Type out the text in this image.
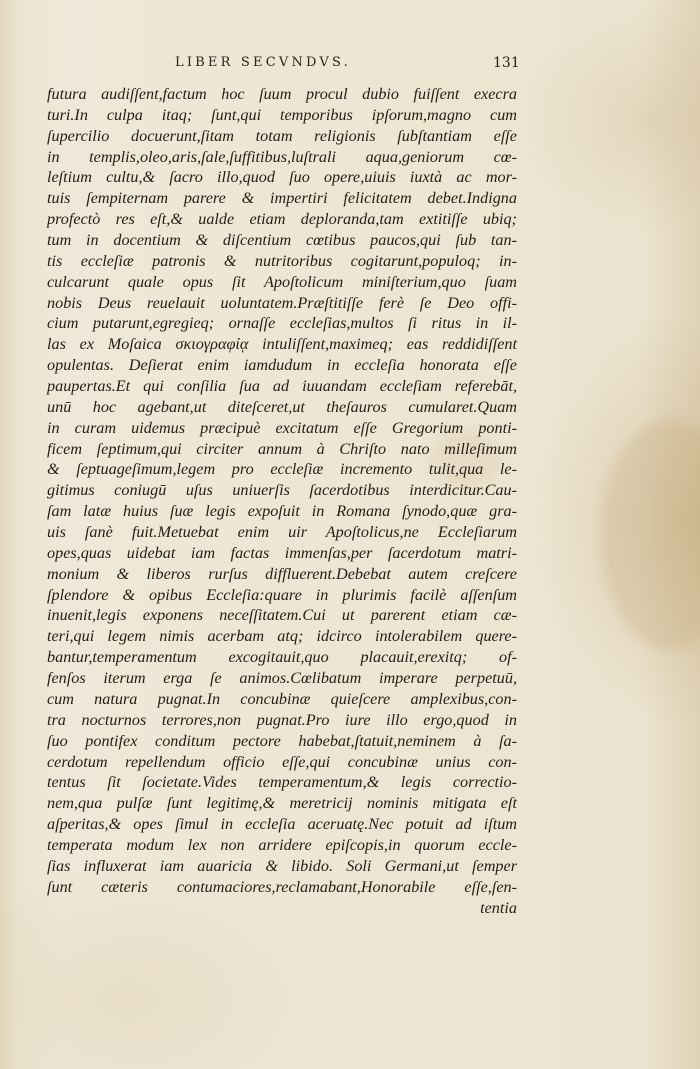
LIBER SECVNDVS.	131
futura audiſſent,factum hoc ſuum procul dubio fuiſſent execra
turi.In culpa itaq; ſunt,qui temporibus ipſorum,magno cum
ſupercilio docuerunt,ſitam totam religionis ſubſtantiam eſſe
in templis,oleo,aris,ſale,ſuffitibus,luſtrali aqua,geniorum cœ-
leſtium cultu,& ſacro illo,quod ſuo opere,uiuis iuxtà ac mor-
tuis ſempiternam parere & impertiri felicitatem debet.Indigna
profectò res eſt,& ualde etiam deploranda,tam extitiſſe ubiq;
tum in docentium & diſcentium cœtibus paucos,qui ſub tan-
tis eccleſiæ patronis & nutritoribus cogitarunt,populoq; in-
culcarunt quale opus ſit Apoſtolicum miniſterium,quo ſuam
nobis Deus reuelauit uoluntatem.Præſtitiſſe ferè ſe Deo offi-
cium putarunt,egregieq; ornaſſe eccleſias,multos ſi ritus in il-
las ex Moſaica σκιογραφίᾳ intuliſſent,maximeq; eas reddidiſſent
opulentas. Deſierat enim iamdudum in eccleſia honorata eſſe
paupertas.Et qui conſilia ſua ad iuuandam eccleſiam referebāt,
unū hoc agebant,ut diteſceret,ut theſauros cumularet.Quam
in curam uidemus præcipuè excitatum eſſe Gregorium ponti-
ficem ſeptimum,qui circiter annum à Chriſto nato milleſimum
& ſeptuageſimum,legem pro eccleſiæ incremento tulit,qua le-
gitimus coniugū uſus uniuerſis ſacerdotibus interdicitur.Cau-
ſam latæ huius ſuæ legis expoſuit in Romana ſynodo,quæ gra-
uis ſanè fuit.Metuebat enim uir Apoſtolicus,ne Eccleſiarum
opes,quas uidebat iam factas immenſas,per ſacerdotum matri-
monium & liberos rurſus diffluerent.Debebat autem creſcere
ſplendore & opibus Eccleſia:quare in plurimis facilè aſſenſum
inuenit,legis exponens neceſſitatem.Cui ut parerent etiam cæ-
teri,qui legem nimis acerbam atq; idcirco intolerabilem quere-
bantur,temperamentum excogitauit,quo placauit,erexitq; of-
fenſos iterum erga ſe animos.Cœlibatum imperare perpetuū,
cum natura pugnat.In concubinæ quieſcere amplexibus,con-
tra nocturnos terrores,non pugnat.Pro iure illo ergo,quod in
ſuo pontifex conditum pectore habebat,ſtatuit,neminem à ſa-
cerdotum repellendum officio eſſe,qui concubinæ unius con-
tentus ſit ſocietate.Vides temperamentum,& legis correctio-
nem,qua pulſæ ſunt legitimę,& meretricij nominis mitigata eſt
aſperitas,& opes ſimul in eccleſia aceruatę.Nec potuit ad iſtum
temperata modum lex non arridere epiſcopis,in quorum eccle-
ſias influxerat iam auaricia & libido. Soli Germani,ut ſemper
ſunt cæteris contumaciores,reclamabant,Honorabile eſſe,ſen-
tentia
